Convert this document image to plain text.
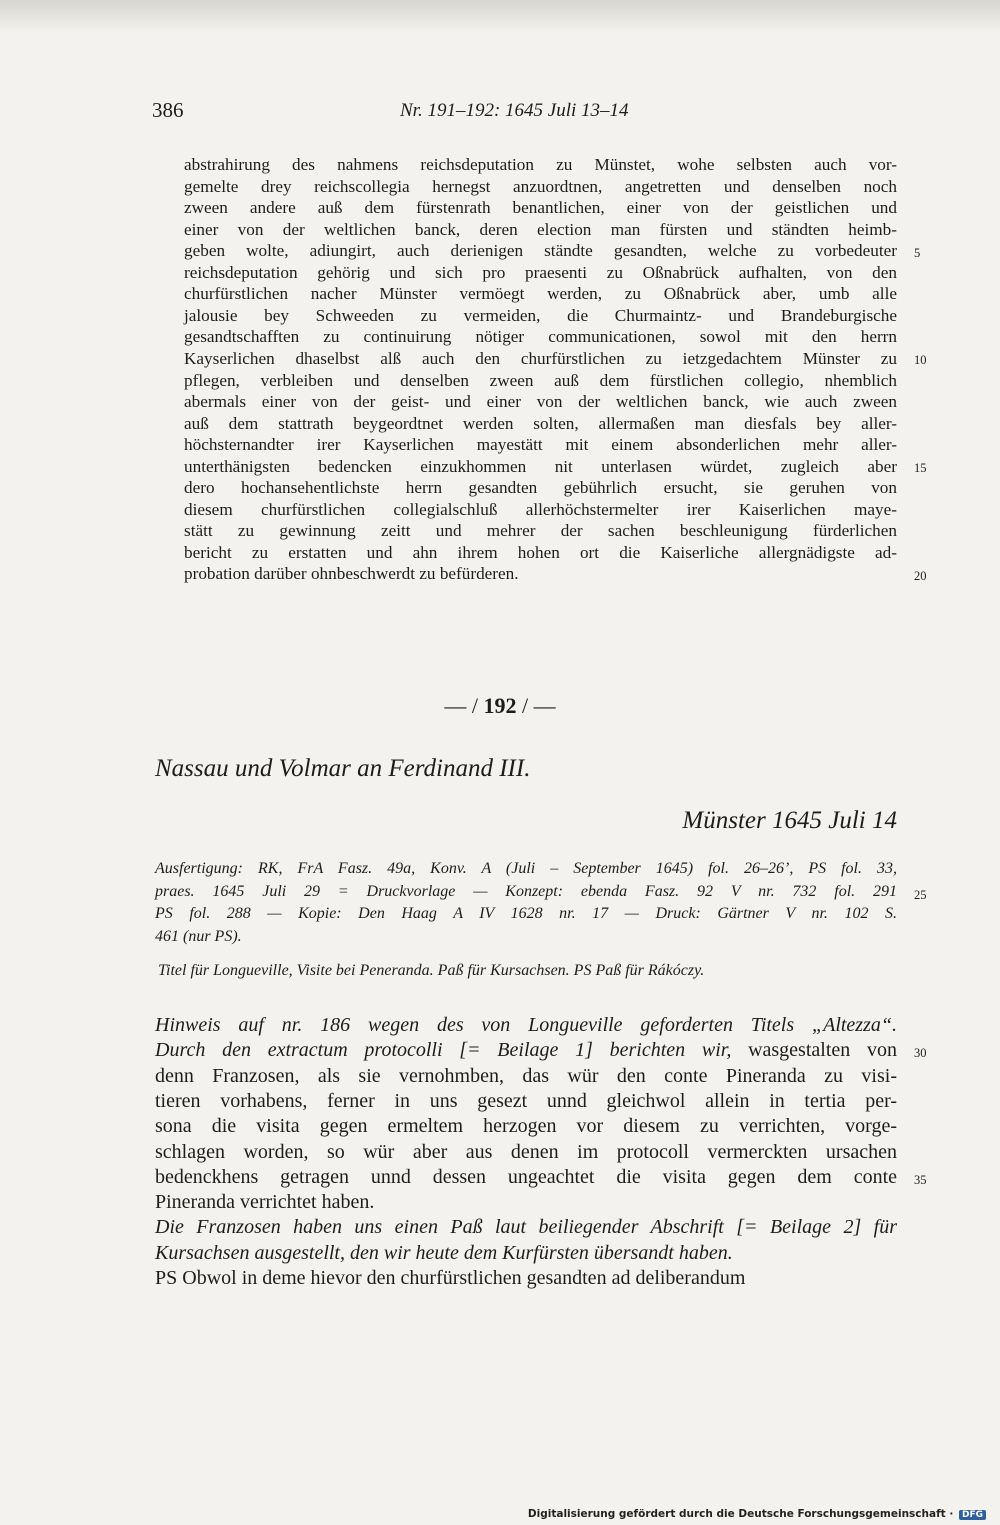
386	Nr. 191–192: 1645 Juli 13–14
abstrahirung des nahmens reichsdeputation zu Münstet, wohe selbsten auch vor-
gemelte drey reichscollegia hernegst anzuordtnen, angetretten und denselben noch
zween andere auß dem fürstenrath benantlichen, einer von der geistlichen und
einer von der weltlichen banck, deren election man fürsten und ständten heimb-
geben wolte, adiungirt, auch derienigen ständte gesandten, welche zu vorbedeuter
reichsdeputation gehörig und sich pro praesenti zu Oßnabrück aufhalten, von den
churfürstlichen nacher Münster vermöegt werden, zu Oßnabrück aber, umb alle
jalousie bey Schweeden zu vermeiden, die Churmaintz- und Brandeburgische
gesandtschafften zu continuirung nötiger communicationen, sowol mit den herrn
Kayserlichen dhaselbst alß auch den churfürstlichen zu ietzgedachtem Münster zu
pflegen, verbleiben und denselben zween auß dem fürstlichen collegio, nhemblich
abermals einer von der geist- und einer von der weltlichen banck, wie auch zween
auß dem stattrath beygeordtnet werden solten, allermaßen man diesfals bey aller-
höchsternandter irer Kayserlichen mayestätt mit einem absonderlichen mehr aller-
unterthänigsten bedencken einzukhommen nit unterlasen würdet, zugleich aber
dero hochansehentlichste herrn gesandten gebührlich ersucht, sie geruhen von
diesem churfürstlichen collegialschluß allerhöchstermelter irer Kaiserlichen maye-
stätt zu gewinnung zeitt und mehrer der sachen beschleunigung fürderlichen
bericht zu erstatten und ahn ihrem hohen ort die Kaiserliche allergnädigste ad-
probation darüber ohnbeschwerdt zu befürderen.
5
10
15
20
25
30
35
— / 192 / —
Nassau und Volmar an Ferdinand III.
Münster 1645 Juli 14
Ausfertigung: RK, FrA Fasz. 49a, Konv. A (Juli – September 1645) fol. 26–26’, PS fol. 33,
praes. 1645 Juli 29 = Druckvorlage — Konzept: ebenda Fasz. 92 V nr. 732 fol. 291
PS fol. 288 — Kopie: Den Haag A IV 1628 nr. 17 — Druck: Gärtner V nr. 102 S.
461 (nur PS).
Titel für Longueville, Visite bei Peneranda. Paß für Kursachsen. PS Paß für Rákóczy.
Hinweis auf nr. 186 wegen des von Longueville geforderten Titels „Altezza“.
Durch den extractum protocolli [= Beilage 1] berichten wir, wasgestalten von
denn Franzosen, als sie vernohmben, das wür den conte Pineranda zu visi-
tieren vorhabens, ferner in uns gesezt unnd gleichwol allein in tertia per-
sona die visita gegen ermeltem herzogen vor diesem zu verrichten, vorge-
schlagen worden, so wür aber aus denen im protocoll vermerckten ursachen
bedenckhens getragen unnd dessen ungeachtet die visita gegen dem conte
Pineranda verrichtet haben.
Die Franzosen haben uns einen Paß laut beiliegender Abschrift [= Beilage 2] für
Kursachsen ausgestellt, den wir heute dem Kurfürsten übersandt haben.
PS Obwol in deme hievor den churfürstlichen gesandten ad deliberandum
Digitalisierung gefördert durch die Deutsche Forschungsgemeinschaft · DFG
